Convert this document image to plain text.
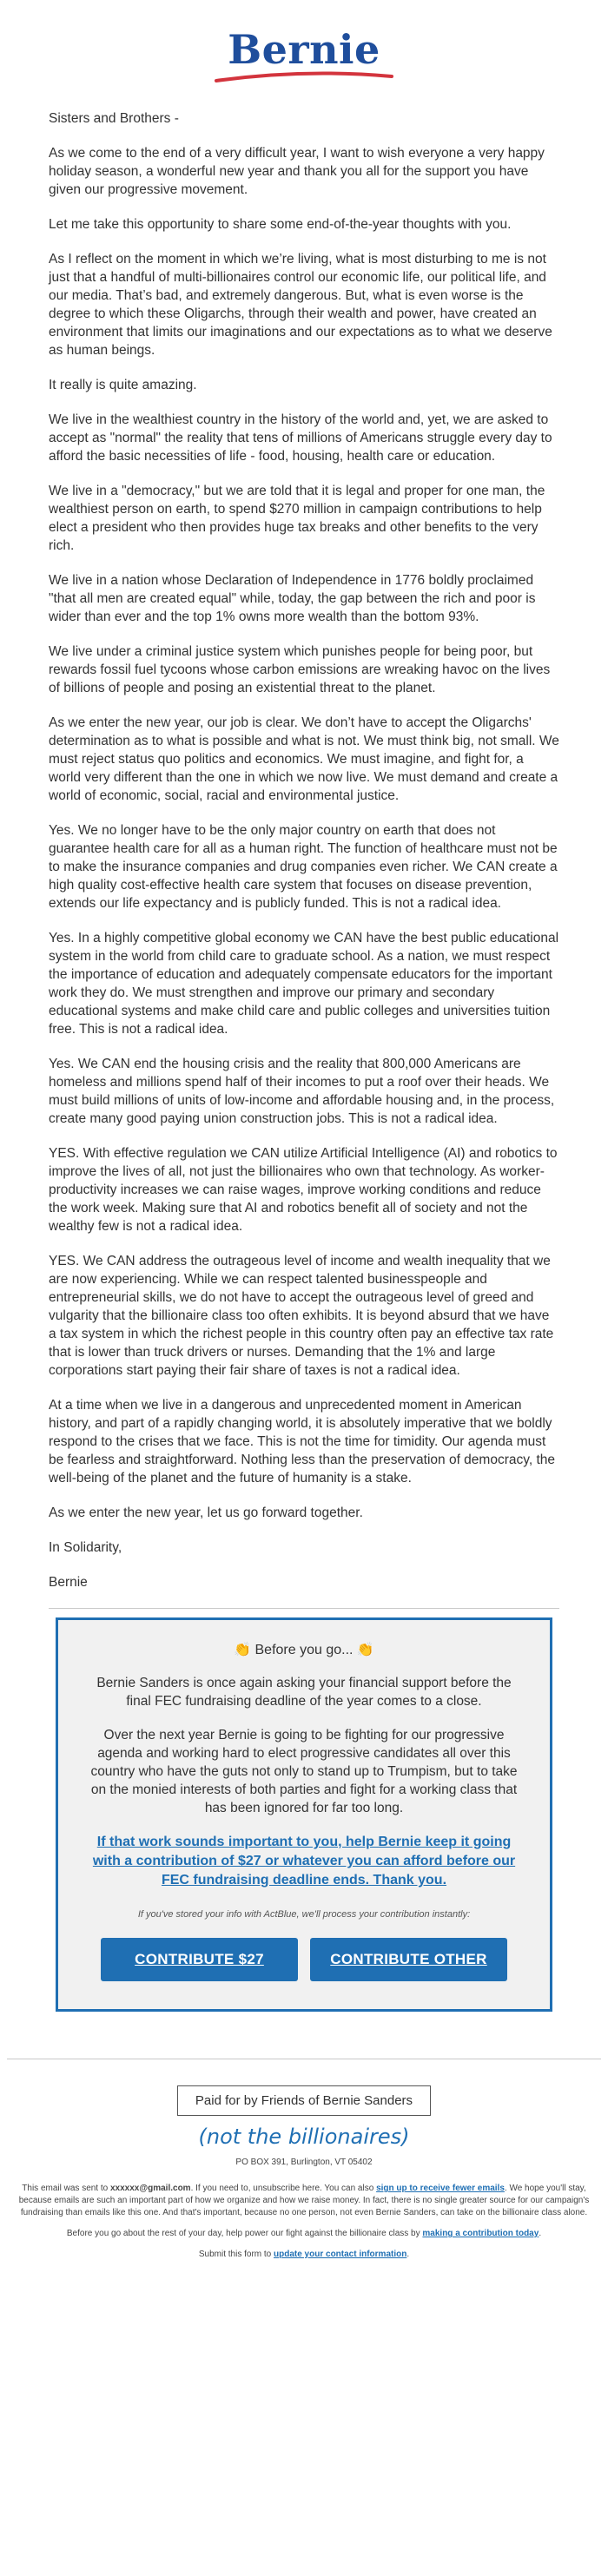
Bernie

Sisters and Brothers -

As we come to the end of a very difficult year, I want to wish everyone a very happy holiday season, a wonderful new year and thank you all for the support you have given our progressive movement.

Let me take this opportunity to share some end-of-the-year thoughts with you.

As I reflect on the moment in which we’re living, what is most disturbing to me is not just that a handful of multi-billionaires control our economic life, our political life, and our media. That’s bad, and extremely dangerous. But, what is even worse is the degree to which these Oligarchs, through their wealth and power, have created an environment that limits our imaginations and our expectations as to what we deserve as human beings.

It really is quite amazing.

We live in the wealthiest country in the history of the world and, yet, we are asked to accept as "normal" the reality that tens of millions of Americans struggle every day to afford the basic necessities of life - food, housing, health care or education.

We live in a "democracy," but we are told that it is legal and proper for one man, the wealthiest person on earth, to spend $270 million in campaign contributions to help elect a president who then provides huge tax breaks and other benefits to the very rich.

We live in a nation whose Declaration of Independence in 1776 boldly proclaimed "that all men are created equal" while, today, the gap between the rich and poor is wider than ever and the top 1% owns more wealth than the bottom 93%.

We live under a criminal justice system which punishes people for being poor, but rewards fossil fuel tycoons whose carbon emissions are wreaking havoc on the lives of billions of people and posing an existential threat to the planet.

As we enter the new year, our job is clear. We don’t have to accept the Oligarchs' determination as to what is possible and what is not. We must think big, not small. We must reject status quo politics and economics. We must imagine, and fight for, a world very different than the one in which we now live. We must demand and create a world of economic, social, racial and environmental justice.

Yes. We no longer have to be the only major country on earth that does not guarantee health care for all as a human right. The function of healthcare must not be to make the insurance companies and drug companies even richer. We CAN create a high quality cost-effective health care system that focuses on disease prevention, extends our life expectancy and is publicly funded. This is not a radical idea.

Yes. In a highly competitive global economy we CAN have the best public educational system in the world from child care to graduate school. As a nation, we must respect the importance of education and adequately compensate educators for the important work they do. We must strengthen and improve our primary and secondary educational systems and make child care and public colleges and universities tuition free. This is not a radical idea.

Yes. We CAN end the housing crisis and the reality that 800,000 Americans are homeless and millions spend half of their incomes to put a roof over their heads. We must build millions of units of low-income and affordable housing and, in the process, create many good paying union construction jobs. This is not a radical idea.

YES. With effective regulation we CAN utilize Artificial Intelligence (AI) and robotics to improve the lives of all, not just the billionaires who own that technology. As worker- productivity increases we can raise wages, improve working conditions and reduce the work week. Making sure that AI and robotics benefit all of society and not the wealthy few is not a radical idea.

YES. We CAN address the outrageous level of income and wealth inequality that we are now experiencing. While we can respect talented businesspeople and entrepreneurial skills, we do not have to accept the outrageous level of greed and vulgarity that the billionaire class too often exhibits. It is beyond absurd that we have a tax system in which the richest people in this country often pay an effective tax rate that is lower than truck drivers or nurses. Demanding that the 1% and large corporations start paying their fair share of taxes is not a radical idea.

At a time when we live in a dangerous and unprecedented moment in American history, and part of a rapidly changing world, it is absolutely imperative that we boldly respond to the crises that we face. This is not the time for timidity. Our agenda must be fearless and straightforward. Nothing less than the preservation of democracy, the well-being of the planet and the future of humanity is a stake.

As we enter the new year, let us go forward together.

In Solidarity,

Bernie

👏 Before you go... 👏

Bernie Sanders is once again asking your financial support before the final FEC fundraising deadline of the year comes to a close.

Over the next year Bernie is going to be fighting for our progressive agenda and working hard to elect progressive candidates all over this country who have the guts not only to stand up to Trumpism, but to take on the monied interests of both parties and fight for a working class that has been ignored for far too long.

If that work sounds important to you, help Bernie keep it going with a contribution of $27 or whatever you can afford before our FEC fundraising deadline ends. Thank you.

If you've stored your info with ActBlue, we'll process your contribution instantly:

CONTRIBUTE $27	CONTRIBUTE OTHER
Paid for by Friends of Bernie Sanders
(not the billionaires)
PO BOX 391, Burlington, VT 05402

This email was sent to xxxxxx@gmail.com. If you need to, unsubscribe here. You can also sign up to receive fewer emails. We hope you'll stay, because emails are such an important part of how we organize and how we raise money. In fact, there is no single greater source for our campaign's fundraising than emails like this one. And that's important, because no one person, not even Bernie Sanders, can take on the billionaire class alone.

Before you go about the rest of your day, help power our fight against the billionaire class by making a contribution today.

Submit this form to update your contact information.
